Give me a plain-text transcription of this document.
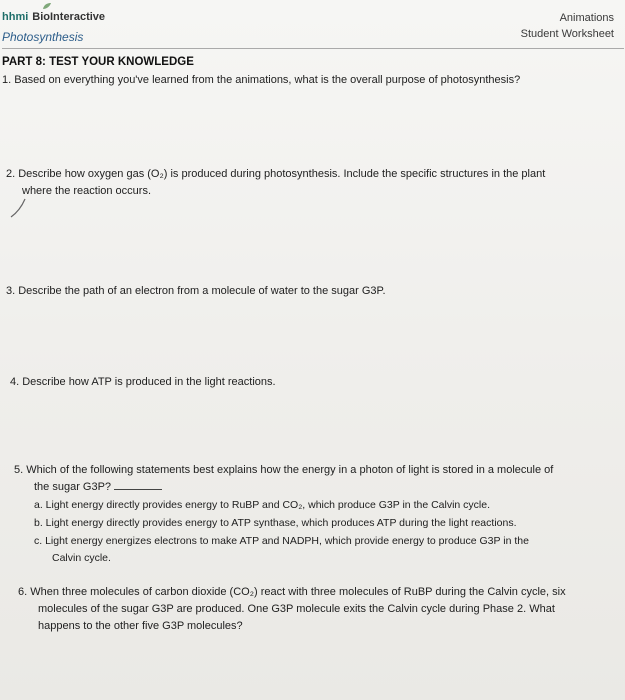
hhmi BioInteractive
Photosynthesis
Animations
Student Worksheet
PART 8: TEST YOUR KNOWLEDGE
1. Based on everything you've learned from the animations, what is the overall purpose of photosynthesis?
2. Describe how oxygen gas (O₂) is produced during photosynthesis. Include the specific structures in the plant
where the reaction occurs.
3. Describe the path of an electron from a molecule of water to the sugar G3P.
4. Describe how ATP is produced in the light reactions.
5. Which of the following statements best explains how the energy in a photon of light is stored in a molecule of
the sugar G3P?
a. Light energy directly provides energy to RuBP and CO₂, which produce G3P in the Calvin cycle.
b. Light energy directly provides energy to ATP synthase, which produces ATP during the light reactions.
c. Light energy energizes electrons to make ATP and NADPH, which provide energy to produce G3P in the
Calvin cycle.
6. When three molecules of carbon dioxide (CO₂) react with three molecules of RuBP during the Calvin cycle, six
molecules of the sugar G3P are produced. One G3P molecule exits the Calvin cycle during Phase 2. What
happens to the other five G3P molecules?
